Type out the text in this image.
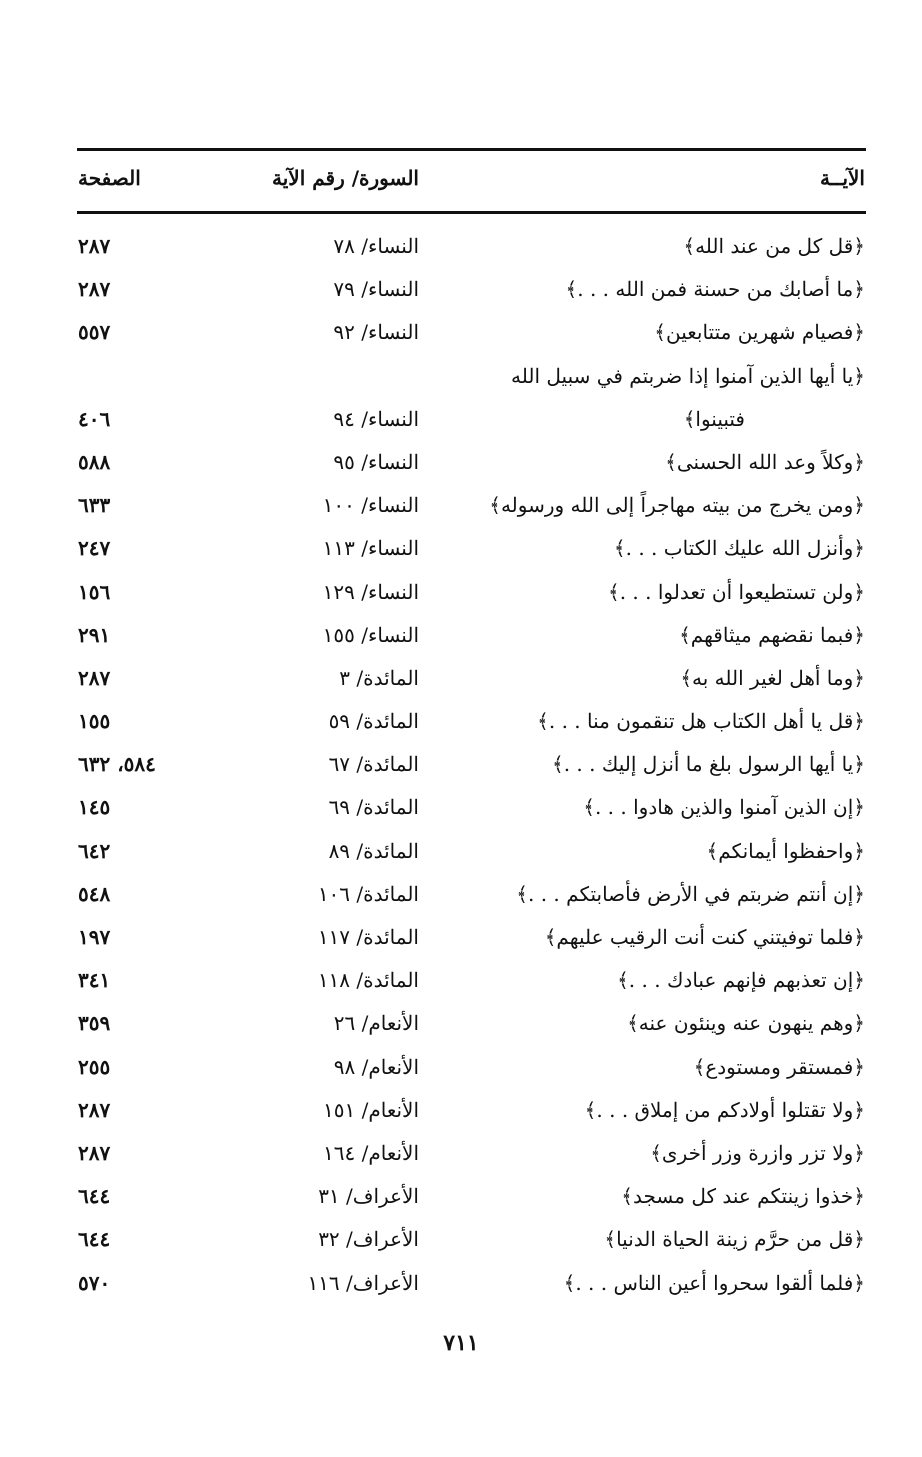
الآيــة
السورة/ رقم الآية
الصفحة
﴿قل كل من عند الله﴾
النساء/ ٧٨
٢٨٧
﴿ما أصابك من حسنة فمن الله . . .﴾
النساء/ ٧٩
٢٨٧
﴿فصيام شهرين متتابعين﴾
النساء/ ٩٢
٥٥٧
﴿يا أيها الذين آمنوا إذا ضربتم في سبيل الله
فتبينوا﴾
النساء/ ٩٤
٤٠٦
﴿وكلاً وعد الله الحسنى﴾
النساء/ ٩٥
٥٨٨
﴿ومن يخرج من بيته مهاجراً إلى الله ورسوله﴾
النساء/ ١٠٠
٦٣٣
﴿وأنزل الله عليك الكتاب . . .﴾
النساء/ ١١٣
٢٤٧
﴿ولن تستطيعوا أن تعدلوا . . .﴾
النساء/ ١٢٩
١٥٦
﴿فبما نقضهم ميثاقهم﴾
النساء/ ١٥٥
٢٩١
﴿وما أهل لغير الله به﴾
المائدة/ ٣
٢٨٧
﴿قل يا أهل الكتاب هل تنقمون منا . . .﴾
المائدة/ ٥٩
١٥٥
﴿يا أيها الرسول بلغ ما أنزل إليك . . .﴾
المائدة/ ٦٧
٥٨٤، ٦٣٢
﴿إن الذين آمنوا والذين هادوا . . .﴾
المائدة/ ٦٩
١٤٥
﴿واحفظوا أيمانكم﴾
المائدة/ ٨٩
٦٤٢
﴿إن أنتم ضربتم في الأرض فأصابتكم . . .﴾
المائدة/ ١٠٦
٥٤٨
﴿فلما توفيتني كنت أنت الرقيب عليهم﴾
المائدة/ ١١٧
١٩٧
﴿إن تعذبهم فإنهم عبادك . . .﴾
المائدة/ ١١٨
٣٤١
﴿وهم ينهون عنه وينئون عنه﴾
الأنعام/ ٢٦
٣٥٩
﴿فمستقر ومستودع﴾
الأنعام/ ٩٨
٢٥٥
﴿ولا تقتلوا أولادكم من إملاق . . .﴾
الأنعام/ ١٥١
٢٨٧
﴿ولا تزر وازرة وزر أخرى﴾
الأنعام/ ١٦٤
٢٨٧
﴿خذوا زينتكم عند كل مسجد﴾
الأعراف/ ٣١
٦٤٤
﴿قل من حرَّم زينة الحياة الدنيا﴾
الأعراف/ ٣٢
٦٤٤
﴿فلما ألقوا سحروا أعين الناس . . .﴾
الأعراف/ ١١٦
٥٧٠
٧١١
